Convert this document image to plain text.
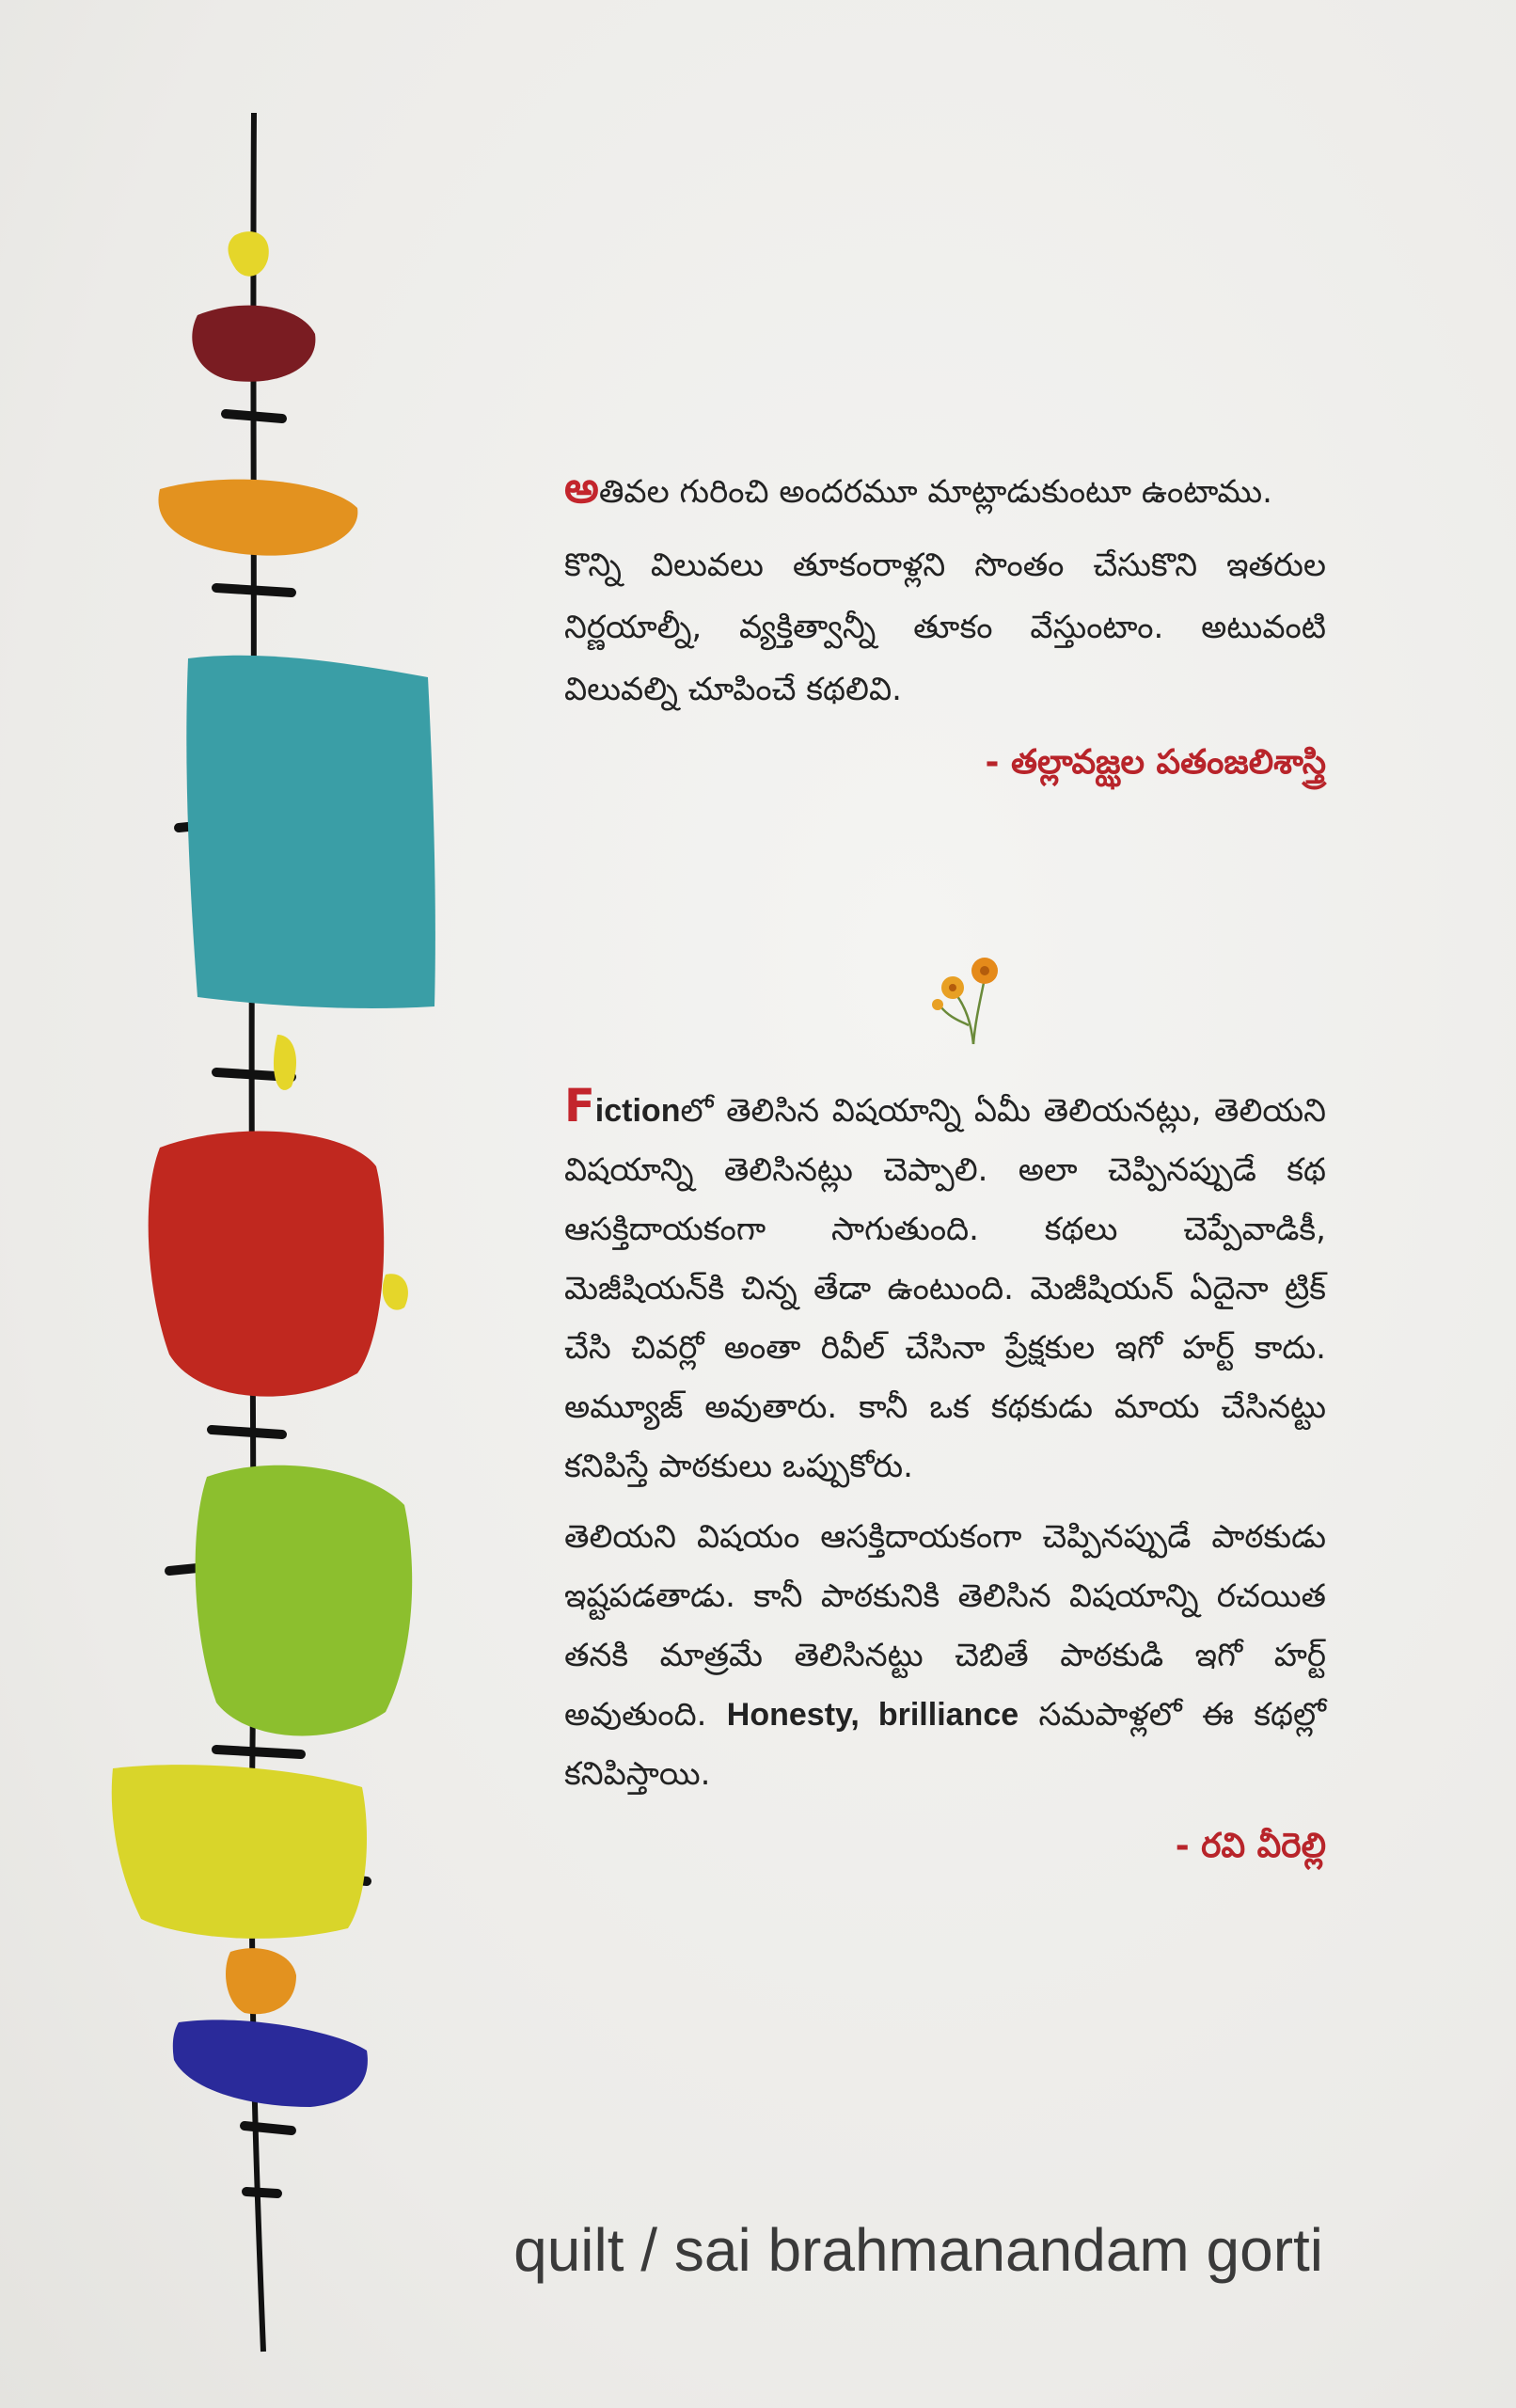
అతివల గురించి అందరమూ మాట్లాడుకుంటూ ఉంటాము.

కొన్ని విలువలు తూకంరాళ్లని సొంతం చేసుకొని ఇతరుల నిర్ణయాల్నీ, వ్యక్తిత్వాన్నీ తూకం వేస్తుంటాం. అటువంటి విలువల్ని చూపించే కథలివి.

- తల్లావజ్ఝల పతంజలిశాస్త్రి

Fictionలో తెలిసిన విషయాన్ని ఏమీ తెలియనట్లు, తెలియని విషయాన్ని తెలిసినట్లు చెప్పాలి. అలా చెప్పినప్పుడే కథ ఆసక్తిదాయకంగా సాగుతుంది. కథలు చెప్పేవాడికీ, మెజీషియన్‌కి చిన్న తేడా ఉంటుంది. మెజీషియన్ ఏదైనా ట్రిక్ చేసి చివర్లో అంతా రివీల్ చేసినా ప్రేక్షకుల ఇగో హర్ట్ కాదు. అమ్యూజ్ అవుతారు. కానీ ఒక కథకుడు మాయ చేసినట్టు కనిపిస్తే పాఠకులు ఒప్పుకోరు.

తెలియని విషయం ఆసక్తిదాయకంగా చెప్పినప్పుడే పాఠకుడు ఇష్టపడతాడు. కానీ పాఠకునికి తెలిసిన విషయాన్ని రచయిత తనకి మాత్రమే తెలిసినట్టు చెబితే పాఠకుడి ఇగో హర్ట్ అవుతుంది. Honesty, brilliance సమపాళ్లలో ఈ కథల్లో కనిపిస్తాయి.

- రవి వీరెల్లి

quilt / sai brahmanandam gorti
